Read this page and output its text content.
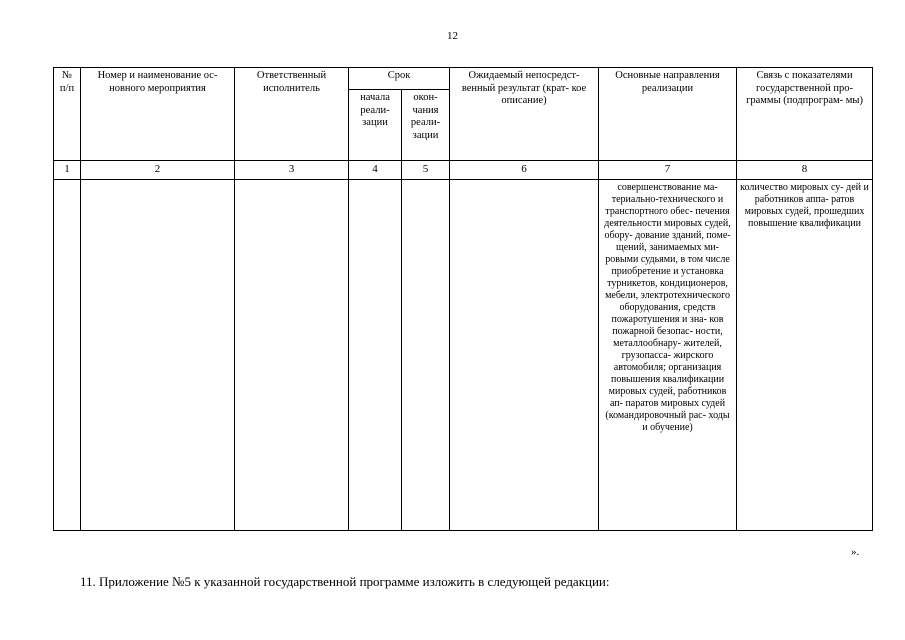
12
№ п/п	Номер и наименование ос- новного мероприятия	Ответственный исполнитель	Срок		Ожидаемый непосредст- венный результат (крат- кое описание)	Основные направления реализации	Связь с показателями государственной про- граммы (подпрограм- мы)
			начала реали- зации	окон- чания реали- зации			
1	2	3	4	5	6	7	8
						совершенствование ма- териально-технического и транспортного обес- печения деятельности мировых судей, обору- дование зданий, поме- щений, занимаемых ми- ровыми судьями, в том числе приобретение и установка турникетов, кондиционеров, мебели, электротехнического оборудования, средств пожаротушения и зна- ков пожарной безопас- ности, металлообнару- жителей, грузопасса- жирского автомобиля; организация повышения квалификации мировых судей, работников ап- паратов мировых судей (командировочный рас- ходы и обучение)	количество мировых су- дей и работников аппа- ратов мировых судей, прошедших повышение квалификации
».
11. Приложение №5 к указанной государственной программе изложить в следующей редакции:
